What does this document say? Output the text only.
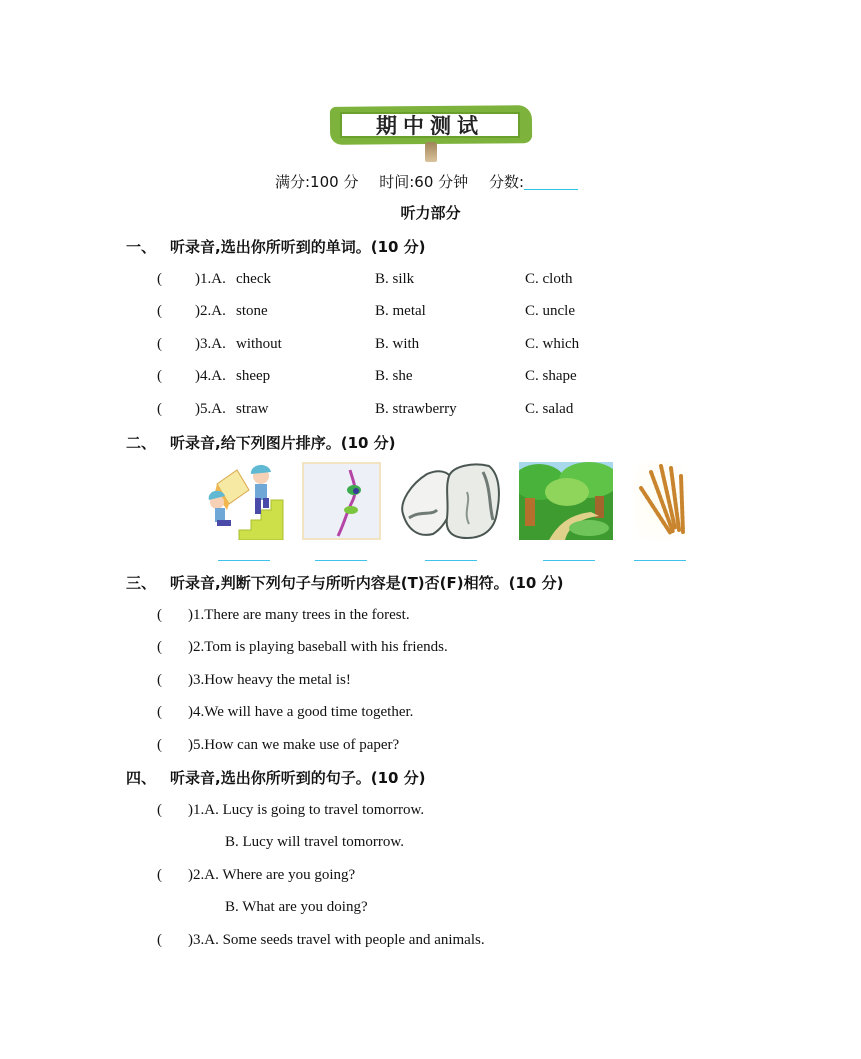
期中测试
满分:100 分 时间:60 分钟 分数:
听力部分
一、 听录音,选出你所听到的单词。(10 分)
( )1.A. check	B. silk	C. cloth
( )2.A. stone	B. metal	C. uncle
( )3.A. without	B. with	C. which
( )4.A. sheep	B. she	C. shape
( )5.A. straw	B. strawberry	C. salad
二、 听录音,给下列图片排序。(10 分)
三、 听录音,判断下列句子与所听内容是(T)否(F)相符。(10 分)
( )1.There are many trees in the forest.
( )2.Tom is playing baseball with his friends.
( )3.How heavy the metal is!
( )4.We will have a good time together.
( )5.How can we make use of paper?
四、 听录音,选出你所听到的句子。(10 分)
( )1.A. Lucy is going to travel tomorrow.
B. Lucy will travel tomorrow.
( )2.A. Where are you going?
B. What are you doing?
( )3.A. Some seeds travel with people and animals.
